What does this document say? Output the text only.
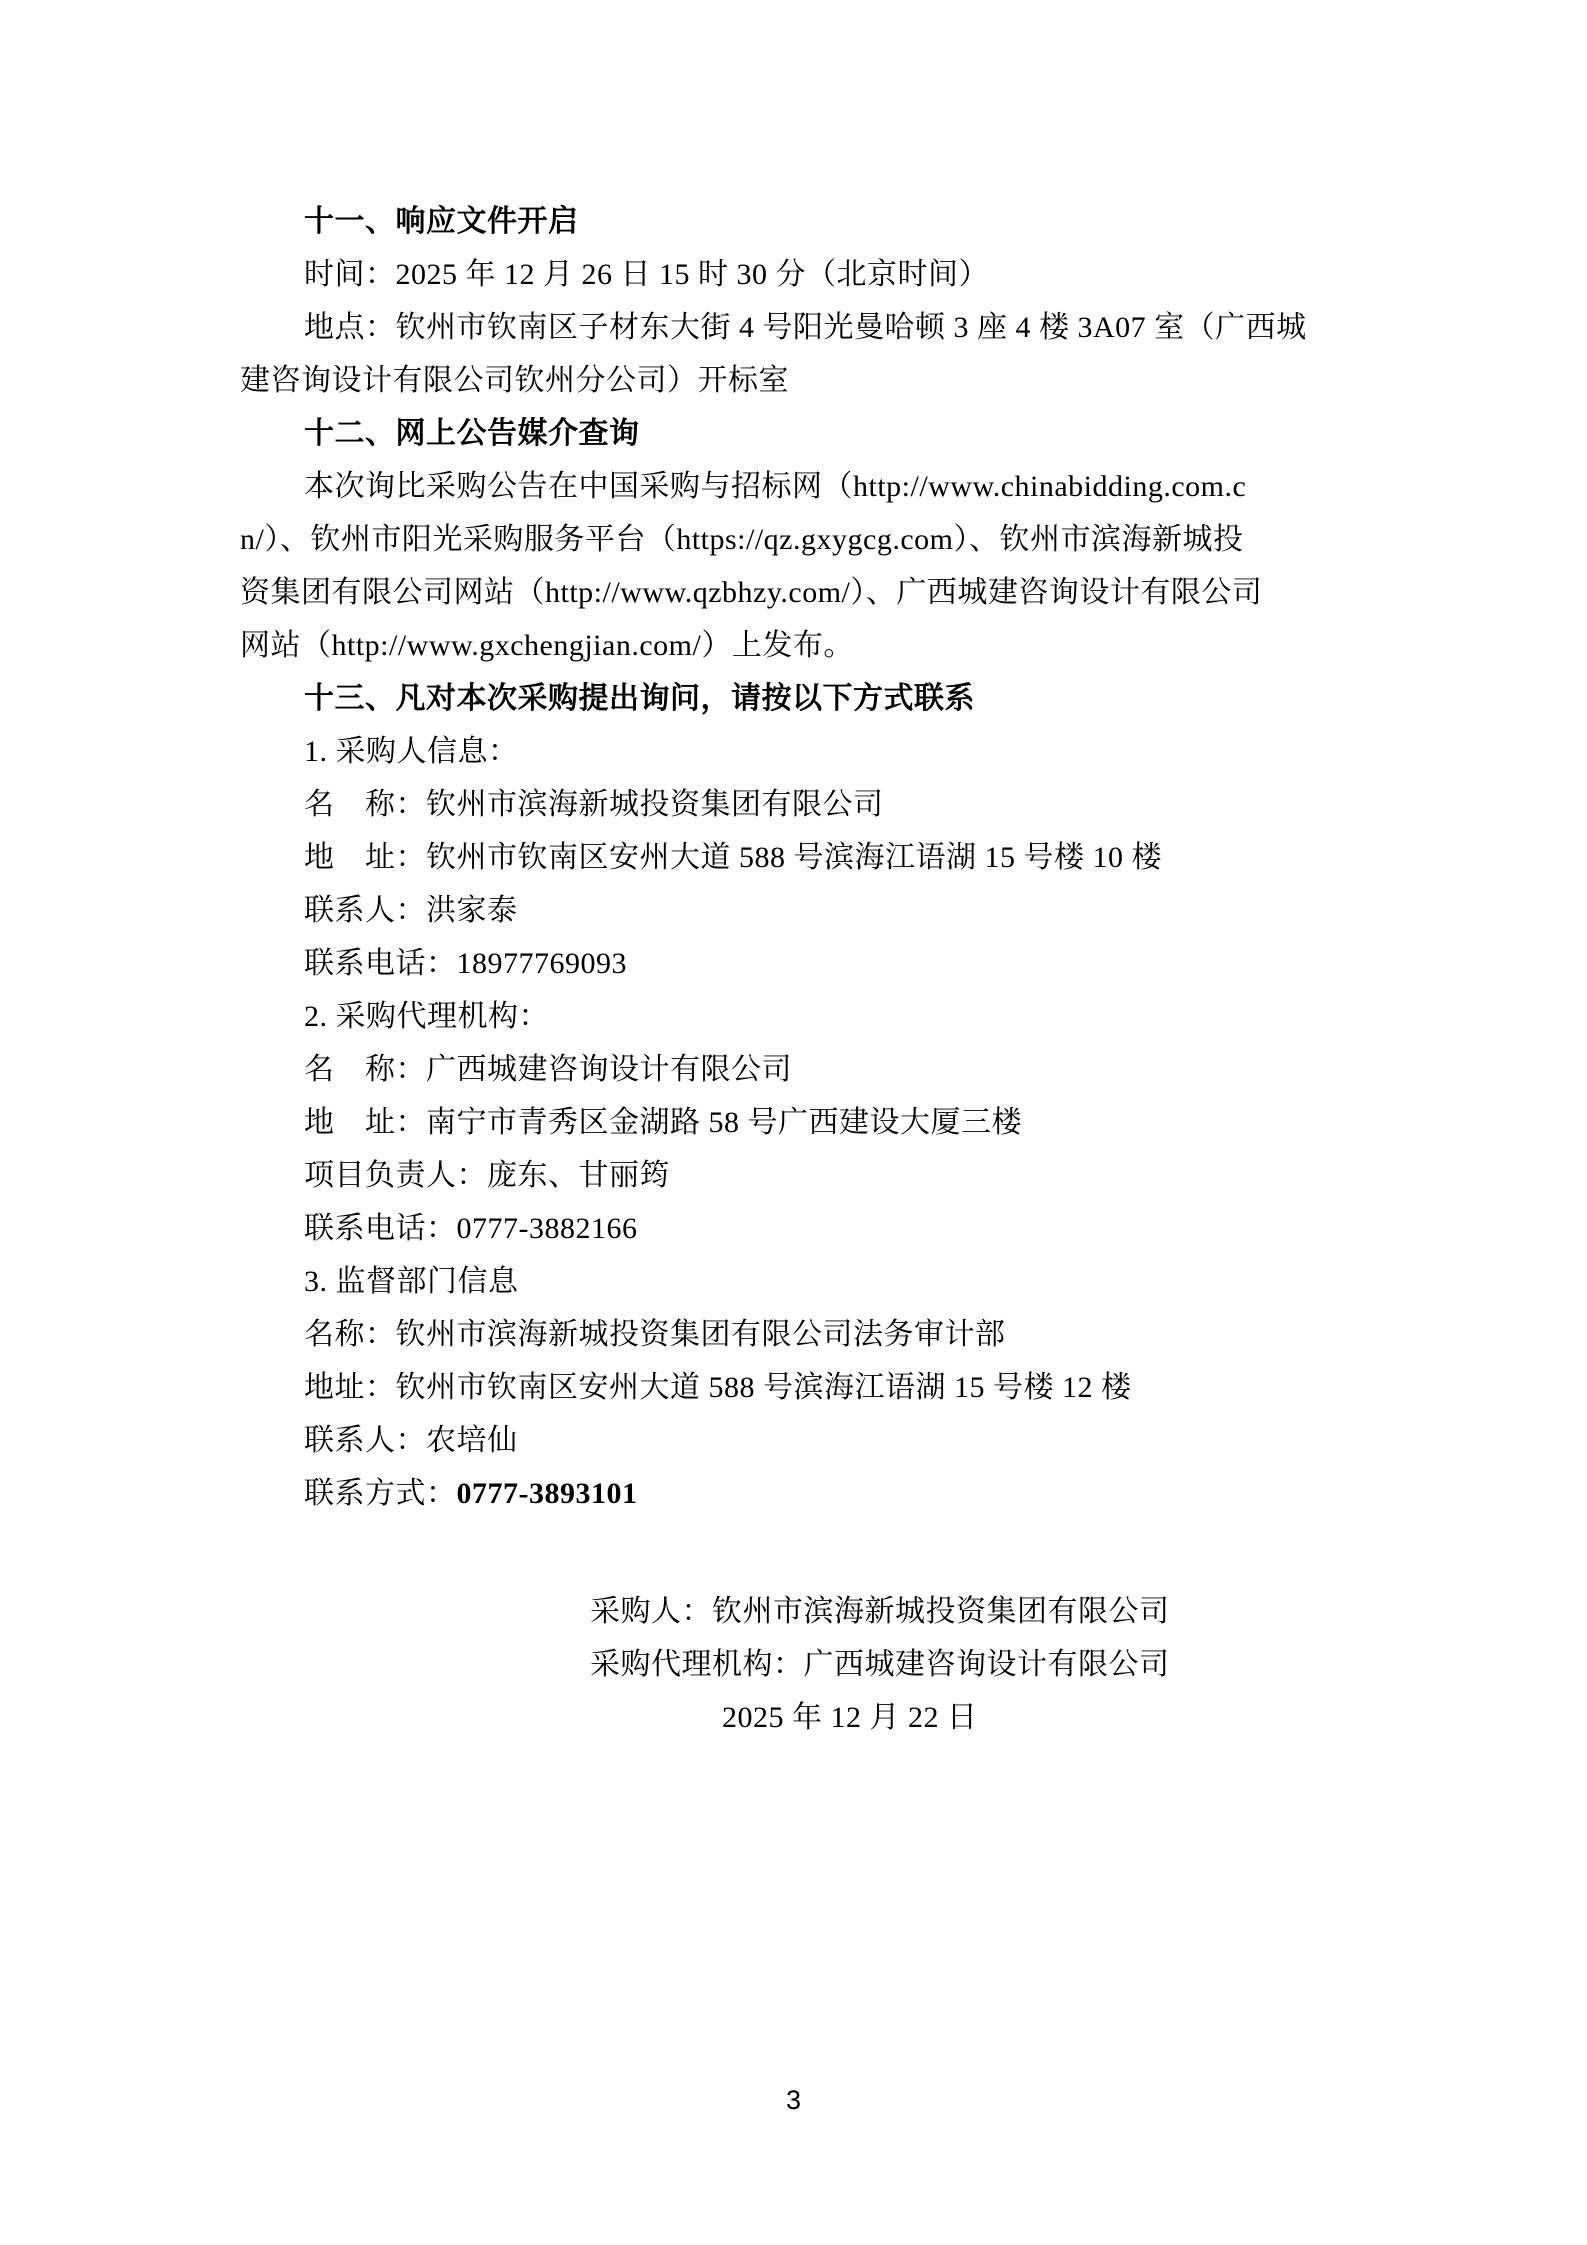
十一、响应文件开启
时间：2025 年 12 月 26 日 15 时 30 分（北京时间）
地点：钦州市钦南区子材东大街 4 号阳光曼哈顿 3 座 4 楼 3A07 室（广西城
建咨询设计有限公司钦州分公司）开标室
十二、网上公告媒介查询
本次询比采购公告在中国采购与招标网（http://www.chinabidding.com.c
n/）、钦州市阳光采购服务平台（https://qz.gxygcg.com）、钦州市滨海新城投
资集团有限公司网站（http://www.qzbhzy.com/）、广西城建咨询设计有限公司
网站（http://www.gxchengjian.com/）上发布。
十三、凡对本次采购提出询问，请按以下方式联系
1. 采购人信息：
名　称：钦州市滨海新城投资集团有限公司
地　址：钦州市钦南区安州大道 588 号滨海江语湖 15 号楼 10 楼
联系人：洪家泰
联系电话：18977769093
2. 采购代理机构：
名　称：广西城建咨询设计有限公司
地　址：南宁市青秀区金湖路 58 号广西建设大厦三楼
项目负责人：庞东、甘丽筠
联系电话：0777-3882166
3. 监督部门信息
名称：钦州市滨海新城投资集团有限公司法务审计部
地址：钦州市钦南区安州大道 588 号滨海江语湖 15 号楼 12 楼
联系人：农培仙
联系方式：0777-3893101
采购人：钦州市滨海新城投资集团有限公司
采购代理机构：广西城建咨询设计有限公司
2025 年 12 月 22 日
3
